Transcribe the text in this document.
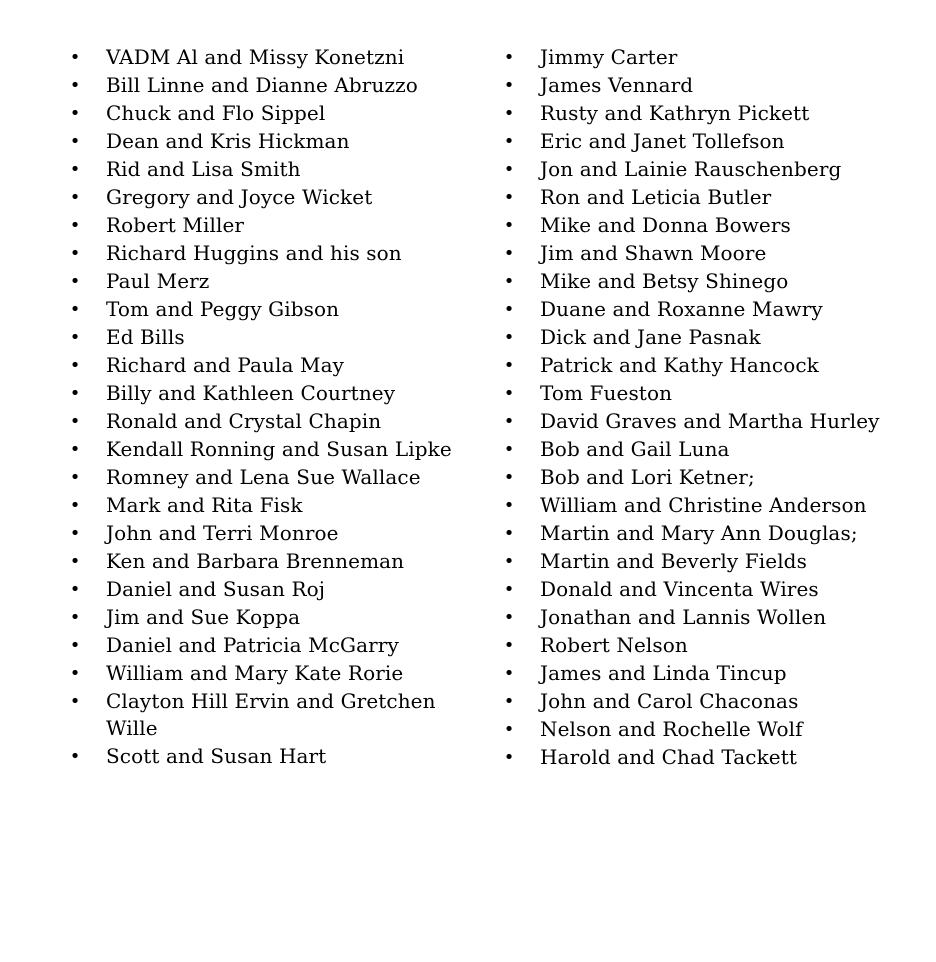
• VADM Al and Missy Konetzni
• Bill Linne and Dianne Abruzzo
• Chuck and Flo Sippel
• Dean and Kris Hickman
• Rid and Lisa Smith
• Gregory and Joyce Wicket
• Robert Miller
• Richard Huggins and his son
• Paul Merz
• Tom and Peggy Gibson
• Ed Bills
• Richard and Paula May
• Billy and Kathleen Courtney
• Ronald and Crystal Chapin
• Kendall Ronning and Susan Lipke
• Romney and Lena Sue Wallace
• Mark and Rita Fisk
• John and Terri Monroe
• Ken and Barbara Brenneman
• Daniel and Susan Roj
• Jim and Sue Koppa
• Daniel and Patricia McGarry
• William and Mary Kate Rorie
• Clayton Hill Ervin and Gretchen Wille
• Scott and Susan Hart
• Jimmy Carter
• James Vennard
• Rusty and Kathryn Pickett
• Eric and Janet Tollefson
• Jon and Lainie Rauschenberg
• Ron and Leticia Butler
• Mike and Donna Bowers
• Jim and Shawn Moore
• Mike and Betsy Shinego
• Duane and Roxanne Mawry
• Dick and Jane Pasnak
• Patrick and Kathy Hancock
• Tom Fueston
• David Graves and Martha Hurley
• Bob and Gail Luna
• Bob and Lori Ketner;
• William and Christine Anderson
• Martin and Mary Ann Douglas;
• Martin and Beverly Fields
• Donald and Vincenta Wires
• Jonathan and Lannis Wollen
• Robert Nelson
• James and Linda Tincup
• John and Carol Chaconas
• Nelson and Rochelle Wolf
• Harold and Chad Tackett
